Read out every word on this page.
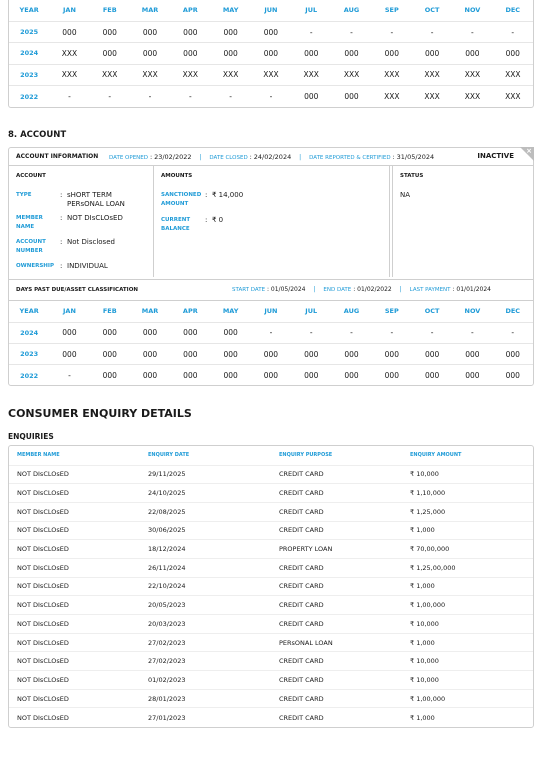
YEAR	JAN	FEB	MAR	APR	MAY	JUN	JUL	AUG	SEP	OCT	NOV	DEC
2025	000	000	000	000	000	000	-	-	-	-	-	-
2024	XXX	000	000	000	000	000	000	000	000	000	000	000
2023	XXX	XXX	XXX	XXX	XXX	XXX	XXX	XXX	XXX	XXX	XXX	XXX
2022	-	-	-	-	-	-	000	000	XXX	XXX	XXX	XXX
8. ACCOUNT
ACCOUNT INFORMATION DATE OPENED : 23/02/2022 | DATE CLOSED : 24/02/2024 | DATE REPORTED & CERTIFIED : 31/05/2024	INACTIVE
×
ACCOUNT
TYPE	: sHORT TERM PERsONAL LOAN
MEMBER NAME
: NOT DIsCLOsED
ACCOUNT NUMBER
: Not Disclosed
OWNERSHIP : INDIVIDUAL
AMOUNTS
SANCTIONED AMOUNT
: ₹ 14,000
CURRENT BALANCE
: ₹ 0
STATUS
NA
DAYS PAST DUE/ASSET CLASSIFICATION	START DATE : 01/05/2024 | END DATE : 01/02/2022 | LAST PAYMENT : 01/01/2024
YEAR	JAN	FEB	MAR	APR	MAY	JUN	JUL	AUG	SEP	OCT	NOV	DEC
2024	000	000	000	000	000	-	-	-	-	-	-	-
2023	000	000	000	000	000	000	000	000	000	000	000	000
2022	-	000	000	000	000	000	000	000	000	000	000	000
CONSUMER ENQUIRY DETAILS
ENQUIRIES
MEMBER NAME	ENQUIRY DATE	ENQUIRY PURPOSE	ENQUIRY AMOUNT
NOT DIsCLOsED	29/11/2025	CREDIT CARD	₹ 10,000
NOT DIsCLOsED	24/10/2025	CREDIT CARD	₹ 1,10,000
NOT DIsCLOsED	22/08/2025	CREDIT CARD	₹ 1,25,000
NOT DIsCLOsED	30/06/2025	CREDIT CARD	₹ 1,000
NOT DIsCLOsED	18/12/2024	PROPERTY LOAN	₹ 70,00,000
NOT DIsCLOsED	26/11/2024	CREDIT CARD	₹ 1,25,00,000
NOT DIsCLOsED	22/10/2024	CREDIT CARD	₹ 1,000
NOT DIsCLOsED	20/05/2023	CREDIT CARD	₹ 1,00,000
NOT DIsCLOsED	20/03/2023	CREDIT CARD	₹ 10,000
NOT DIsCLOsED	27/02/2023	PERsONAL LOAN	₹ 1,000
NOT DIsCLOsED	27/02/2023	CREDIT CARD	₹ 10,000
NOT DIsCLOsED	01/02/2023	CREDIT CARD	₹ 10,000
NOT DIsCLOsED	28/01/2023	CREDIT CARD	₹ 1,00,000
NOT DIsCLOsED	27/01/2023	CREDIT CARD	₹ 1,000
